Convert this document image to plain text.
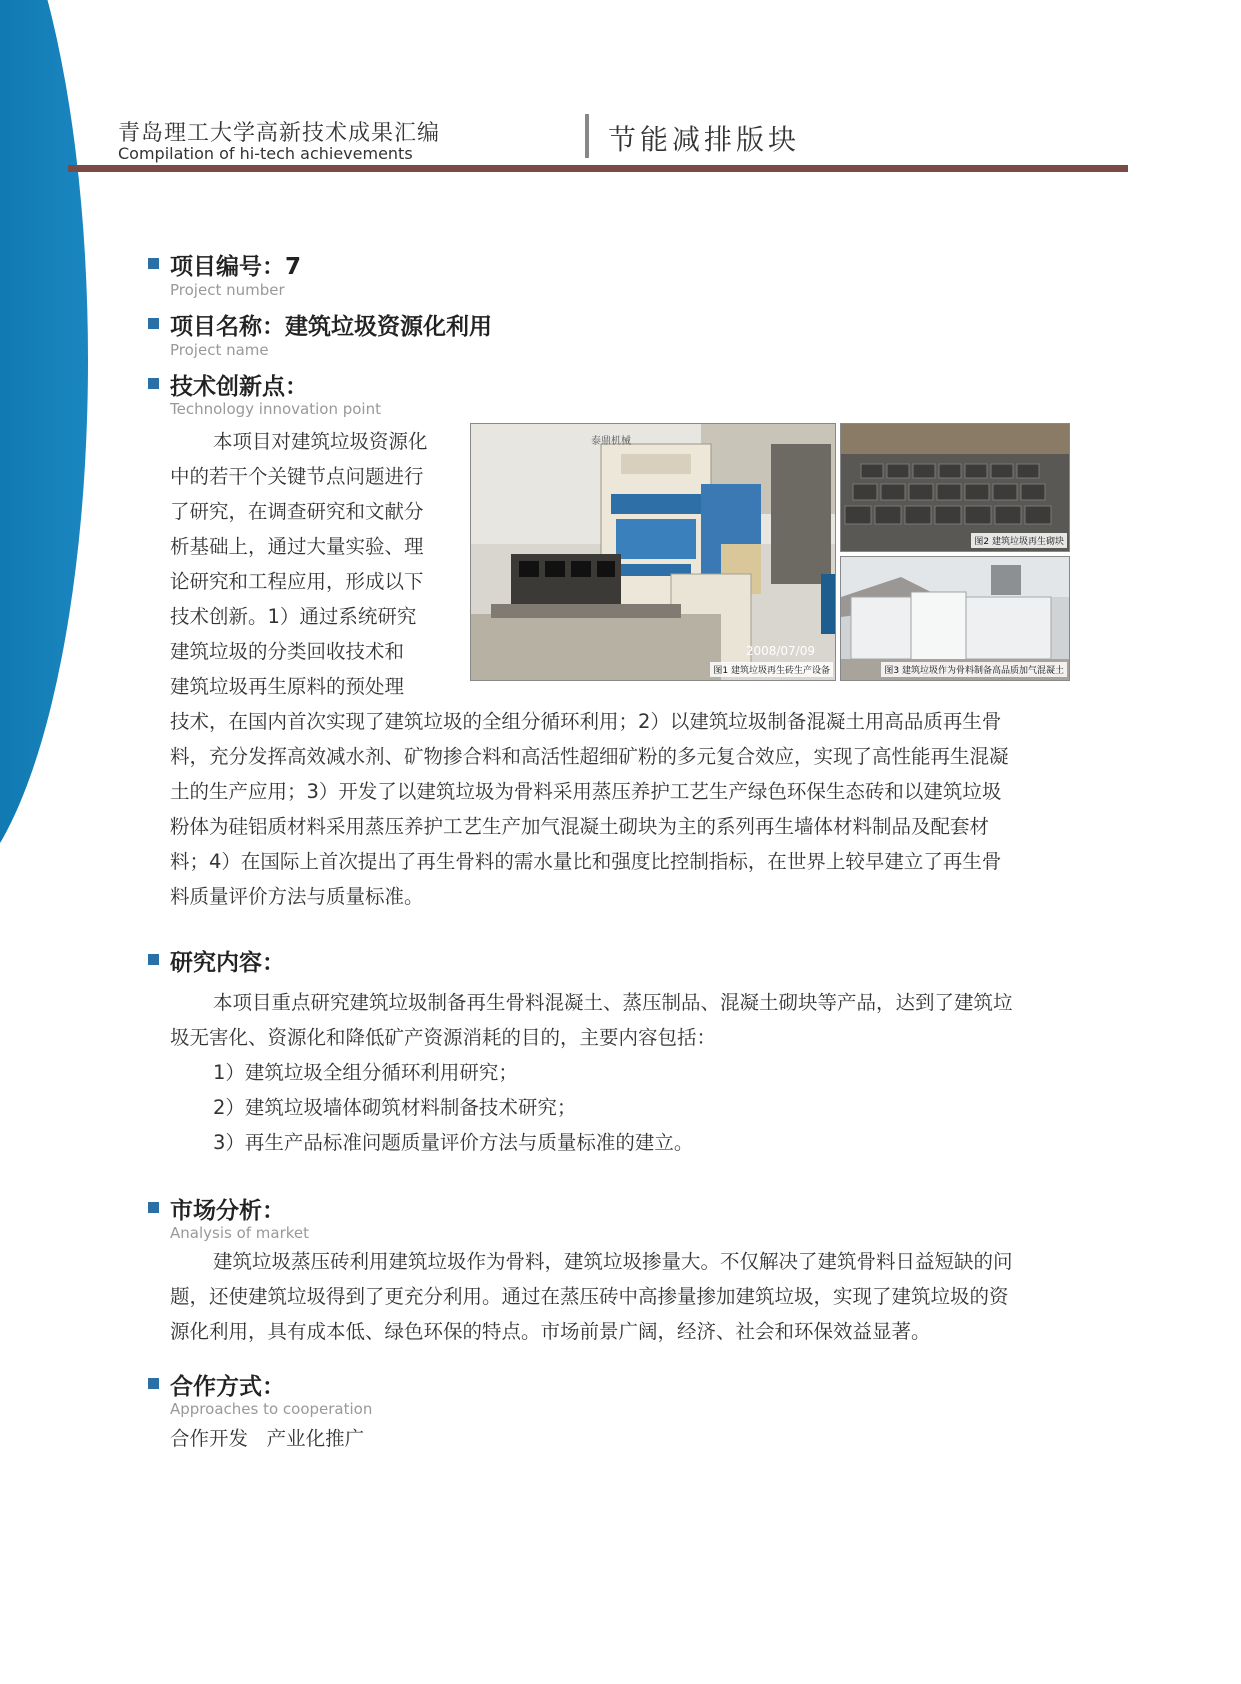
青岛理工大学高新技术成果汇编
Compilation of hi-tech achievements	节能减排版块
项目编号：7
Project number
项目名称：建筑垃圾资源化利用
Project name
技术创新点：
Technology innovation point
本项目对建筑垃圾资源化
中的若干个关键节点问题进行
了研究，在调查研究和文献分
析基础上，通过大量实验、理
论研究和工程应用，形成以下
技术创新。1）通过系统研究
建筑垃圾的分类回收技术和
建筑垃圾再生原料的预处理
泰鼎机械
2008/07/09
图1 建筑垃圾再生砖生产设备
图2 建筑垃圾再生砌块
图3 建筑垃圾作为骨料制备高品质加气混凝土
技术，在国内首次实现了建筑垃圾的全组分循环利用；2）以建筑垃圾制备混凝土用高品质再生骨
料，充分发挥高效减水剂、矿物掺合料和高活性超细矿粉的多元复合效应，实现了高性能再生混凝
土的生产应用；3）开发了以建筑垃圾为骨料采用蒸压养护工艺生产绿色环保生态砖和以建筑垃圾
粉体为硅铝质材料采用蒸压养护工艺生产加气混凝土砌块为主的系列再生墙体材料制品及配套材
料；4）在国际上首次提出了再生骨料的需水量比和强度比控制指标，在世界上较早建立了再生骨
料质量评价方法与质量标准。
研究内容：
本项目重点研究建筑垃圾制备再生骨料混凝土、蒸压制品、混凝土砌块等产品，达到了建筑垃
圾无害化、资源化和降低矿产资源消耗的目的，主要内容包括：
1）建筑垃圾全组分循环利用研究；
2）建筑垃圾墙体砌筑材料制备技术研究；
3）再生产品标准问题质量评价方法与质量标准的建立。
市场分析：
Analysis of market
建筑垃圾蒸压砖利用建筑垃圾作为骨料，建筑垃圾掺量大。不仅解决了建筑骨料日益短缺的问
题，还使建筑垃圾得到了更充分利用。通过在蒸压砖中高掺量掺加建筑垃圾，实现了建筑垃圾的资
源化利用，具有成本低、绿色环保的特点。市场前景广阔，经济、社会和环保效益显著。
合作方式：
Approaches to cooperation
合作开发   产业化推广
